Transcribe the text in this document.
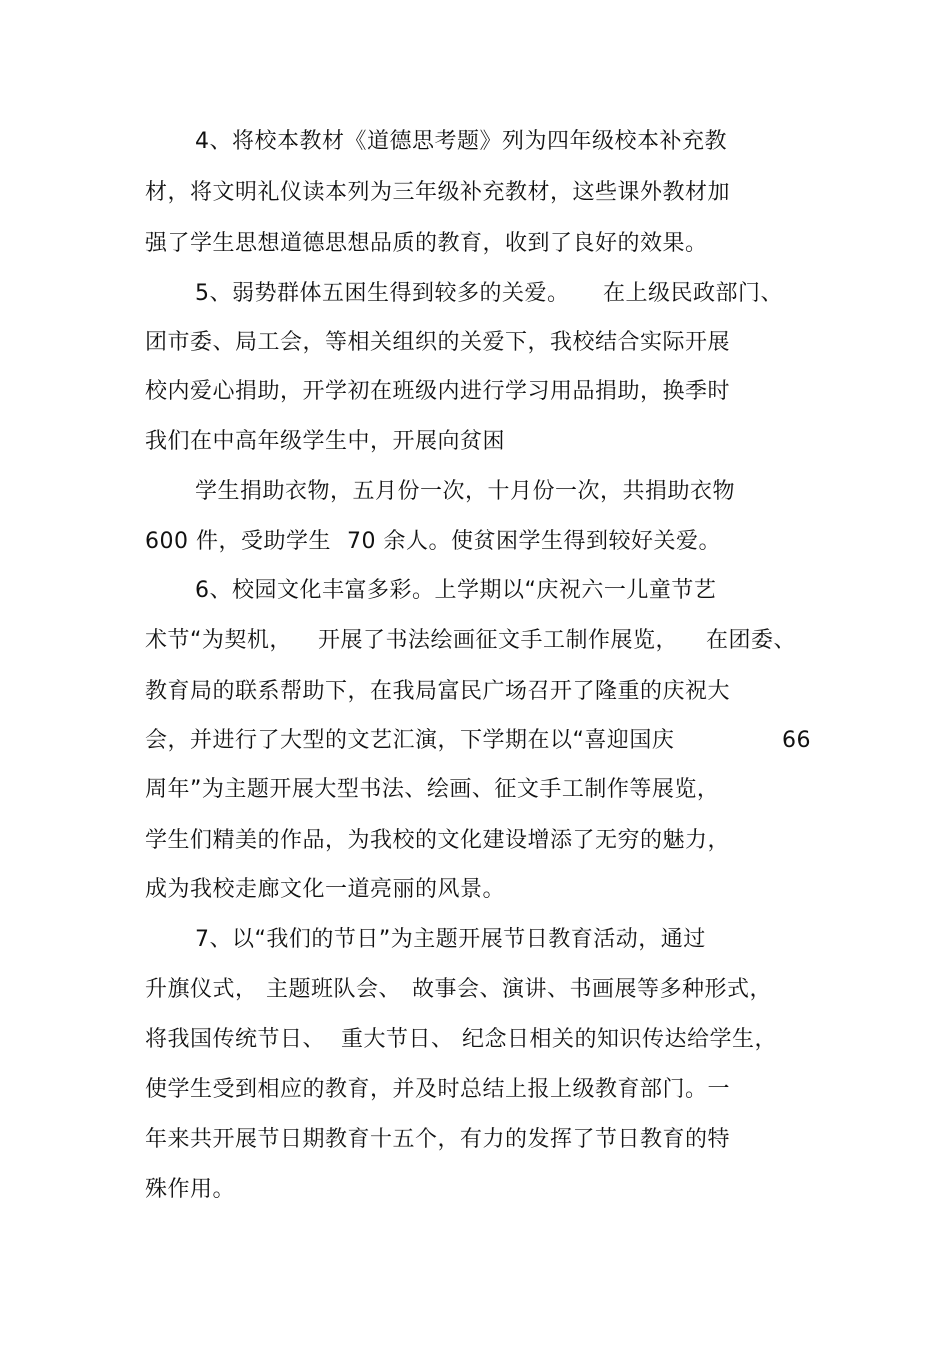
4、将校本教材《道德思考题》列为四年级校本补充教
材，将文明礼仪读本列为三年级补充教材，这些课外教材加
强了学生思想道德思想品质的教育，收到了良好的效果。
5、弱势群体五困生得到较多的关爱。 在上级民政部门、
团市委、局工会，等相关组织的关爱下，我校结合实际开展
校内爱心捐助，开学初在班级内进行学习用品捐助，换季时
我们在中高年级学生中，开展向贫困
学生捐助衣物，五月份一次，十月份一次，共捐助衣物
600 件，受助学生 70 余人。使贫困学生得到较好关爱。
6、校园文化丰富多彩。上学期以“庆祝六一儿童节艺
术节“为契机， 开展了书法绘画征文手工制作展览， 在团委、
教育局的联系帮助下，在我局富民广场召开了隆重的庆祝大
会，并进行了大型的文艺汇演，下学期在以“喜迎国庆	66
周年”为主题开展大型书法、绘画、征文手工制作等展览，
学生们精美的作品，为我校的文化建设增添了无穷的魅力，
成为我校走廊文化一道亮丽的风景。
7、以“我们的节日”为主题开展节日教育活动，通过
升旗仪式， 主题班队会、 故事会、演讲、书画展等多种形式，
将我国传统节日、 重大节日、 纪念日相关的知识传达给学生，
使学生受到相应的教育，并及时总结上报上级教育部门。一
年来共开展节日期教育十五个，有力的发挥了节日教育的特
殊作用。
